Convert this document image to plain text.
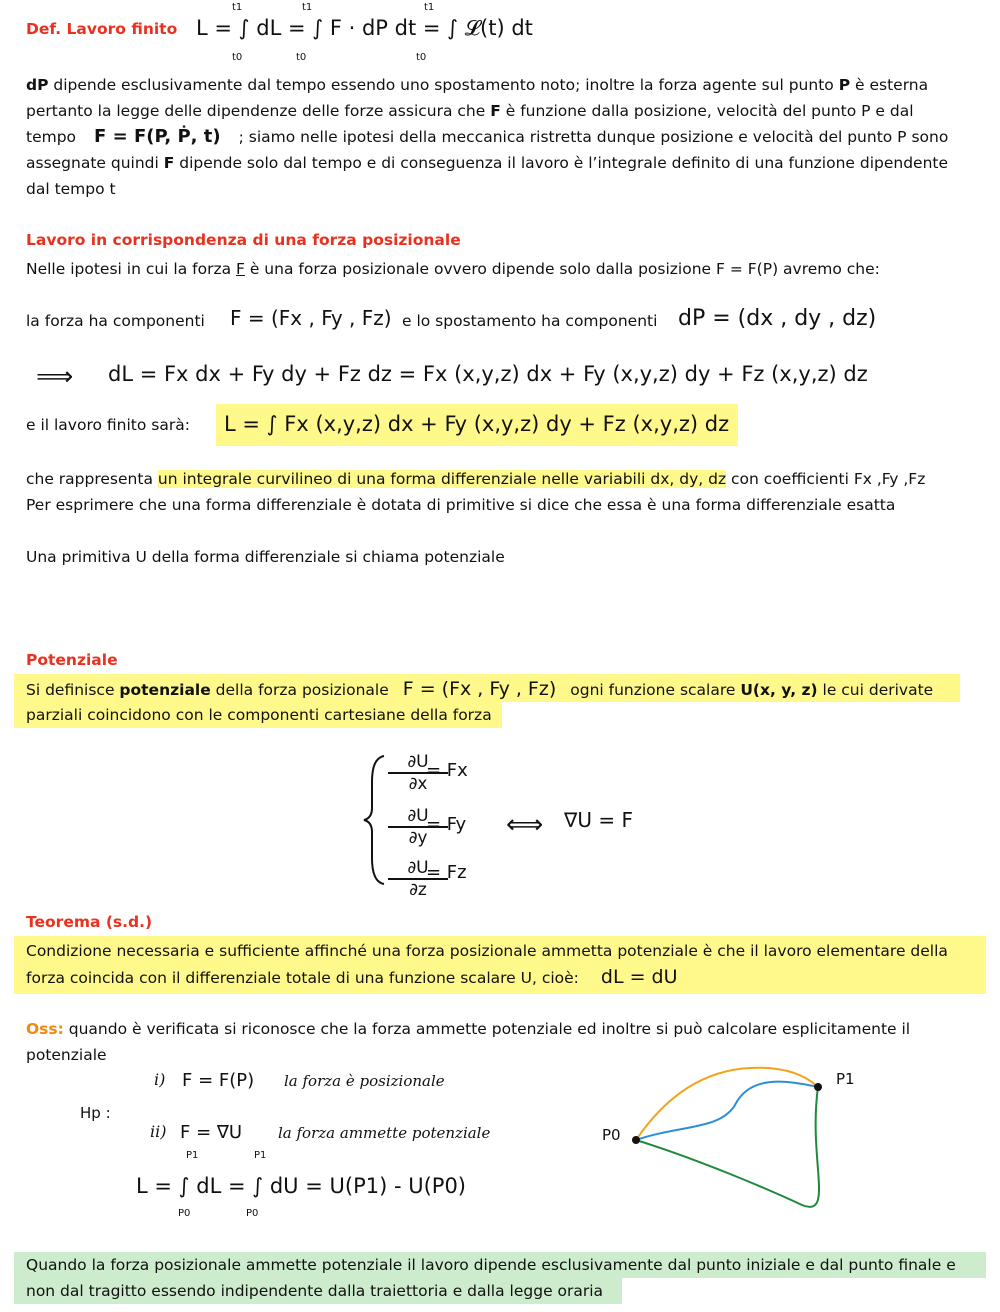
Def. Lavoro finito L = ∫ dL = ∫ F · dP dt = ∫ 𝓛(t) dt
t1
t0
t1
t0
t1
t0
dP dipende esclusivamente dal tempo essendo uno spostamento noto; inoltre la forza agente sul punto P è esterna
pertanto la legge delle dipendenze delle forze assicura che F è funzione dalla posizione, velocità del punto P e dal
tempo F = F(P, Ṗ, t) ; siamo nelle ipotesi della meccanica ristretta dunque posizione e velocità del punto P sono
assegnate quindi F dipende solo dal tempo e di conseguenza il lavoro è l’integrale definito di una funzione dipendente
dal tempo t
Lavoro in corrispondenza di una forza posizionale
Nelle ipotesi in cui la forza F è una forza posizionale ovvero dipende solo dalla posizione F = F(P) avremo che:
la forza ha componenti F = (Fx , Fy , Fz) e lo spostamento ha componenti dP = (dx , dy , dz)
⟹ dL = Fx dx + Fy dy + Fz dz = Fx (x,y,z) dx + Fy (x,y,z) dy + Fz (x,y,z) dz
e il lavoro finito sarà: L = ∫ Fx (x,y,z) dx + Fy (x,y,z) dy + Fz (x,y,z) dz
che rappresenta un integrale curvilineo di una forma differenziale nelle variabili dx, dy, dz con coefficienti Fx ,Fy ,Fz
Per esprimere che una forma differenziale è dotata di primitive si dice che essa è una forma differenziale esatta
Una primitiva U della forma differenziale si chiama potenziale
Potenziale
Si definisce potenziale della forza posizionale F = (Fx , Fy , Fz) ogni funzione scalare U(x, y, z) le cui derivate
parziali coincidono con le componenti cartesiane della forza
∂U
∂x
= Fx
∂U
∂y
= Fy
∂U
∂z
= Fz
⟺ ∇U = F
Teorema (s.d.)
Condizione necessaria e sufficiente affinché una forza posizionale ammetta potenziale è che il lavoro elementare della
forza coincida con il differenziale totale di una funzione scalare U, cioè: dL = dU
Oss: quando è verificata si riconosce che la forza ammette potenziale ed inoltre si può calcolare esplicitamente il
potenziale
Hp :
i) F = F(P) la forza è posizionale
ii) F = ∇U la forza ammette potenziale
L = ∫ dL = ∫ dU = U(P1) - U(P0)
P1
P0
P1
P0
P0
P1
Quando la forza posizionale ammette potenziale il lavoro dipende esclusivamente dal punto iniziale e dal punto finale e
non dal tragitto essendo indipendente dalla traiettoria e dalla legge oraria
